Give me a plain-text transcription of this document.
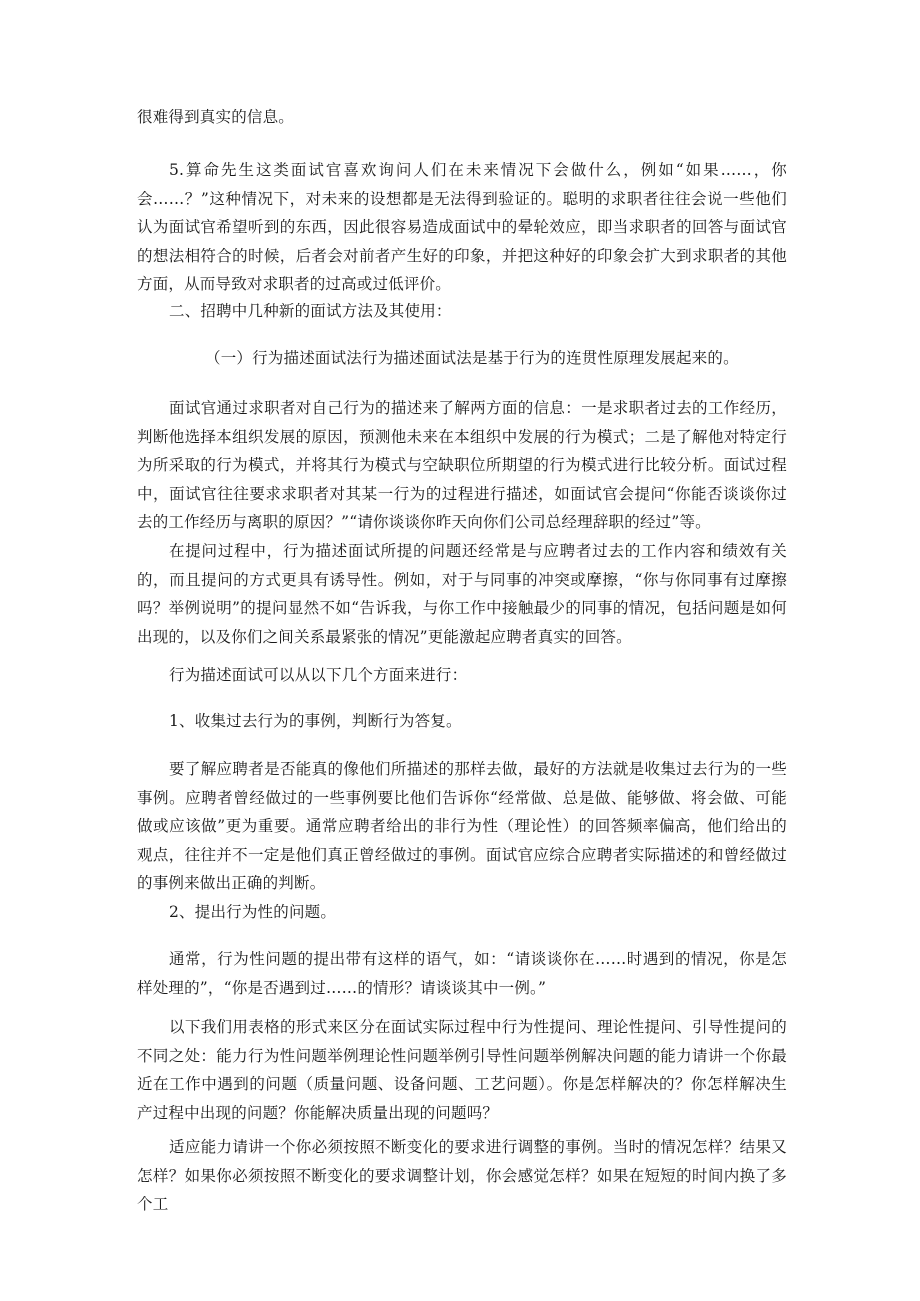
很难得到真实的信息。

5.算命先生这类面试官喜欢询问人们在未来情况下会做什么，例如“如果……，你会……？”这种情况下，对未来的设想都是无法得到验证的。聪明的求职者往往会说一些他们认为面试官希望听到的东西，因此很容易造成面试中的晕轮效应，即当求职者的回答与面试官的想法相符合的时候，后者会对前者产生好的印象，并把这种好的印象会扩大到求职者的其他方面，从而导致对求职者的过高或过低评价。

二、招聘中几种新的面试方法及其使用：

（一）行为描述面试法行为描述面试法是基于行为的连贯性原理发展起来的。

面试官通过求职者对自己行为的描述来了解两方面的信息：一是求职者过去的工作经历，判断他选择本组织发展的原因，预测他未来在本组织中发展的行为模式；二是了解他对特定行为所采取的行为模式，并将其行为模式与空缺职位所期望的行为模式进行比较分析。面试过程中，面试官往往要求求职者对其某一行为的过程进行描述，如面试官会提问“你能否谈谈你过去的工作经历与离职的原因？”“请你谈谈你昨天向你们公司总经理辞职的经过”等。

在提问过程中，行为描述面试所提的问题还经常是与应聘者过去的工作内容和绩效有关的，而且提问的方式更具有诱导性。例如，对于与同事的冲突或摩擦，“你与你同事有过摩擦吗？举例说明”的提问显然不如“告诉我，与你工作中接触最少的同事的情况，包括问题是如何出现的，以及你们之间关系最紧张的情况”更能激起应聘者真实的回答。

行为描述面试可以从以下几个方面来进行：

1、收集过去行为的事例，判断行为答复。

要了解应聘者是否能真的像他们所描述的那样去做，最好的方法就是收集过去行为的一些事例。应聘者曾经做过的一些事例要比他们告诉你“经常做、总是做、能够做、将会做、可能做或应该做”更为重要。通常应聘者给出的非行为性（理论性）的回答频率偏高，他们给出的观点，往往并不一定是他们真正曾经做过的事例。面试官应综合应聘者实际描述的和曾经做过的事例来做出正确的判断。

2、提出行为性的问题。

通常，行为性问题的提出带有这样的语气，如：“请谈谈你在……时遇到的情况，你是怎样处理的”，“你是否遇到过……的情形？请谈谈其中一例。”

以下我们用表格的形式来区分在面试实际过程中行为性提问、理论性提问、引导性提问的不同之处：能力行为性问题举例理论性问题举例引导性问题举例解决问题的能力请讲一个你最近在工作中遇到的问题（质量问题、设备问题、工艺问题）。你是怎样解决的？你怎样解决生产过程中出现的问题？你能解决质量出现的问题吗？

适应能力请讲一个你必须按照不断变化的要求进行调整的事例。当时的情况怎样？结果又怎样？如果你必须按照不断变化的要求调整计划，你会感觉怎样？如果在短短的时间内换了多个工
